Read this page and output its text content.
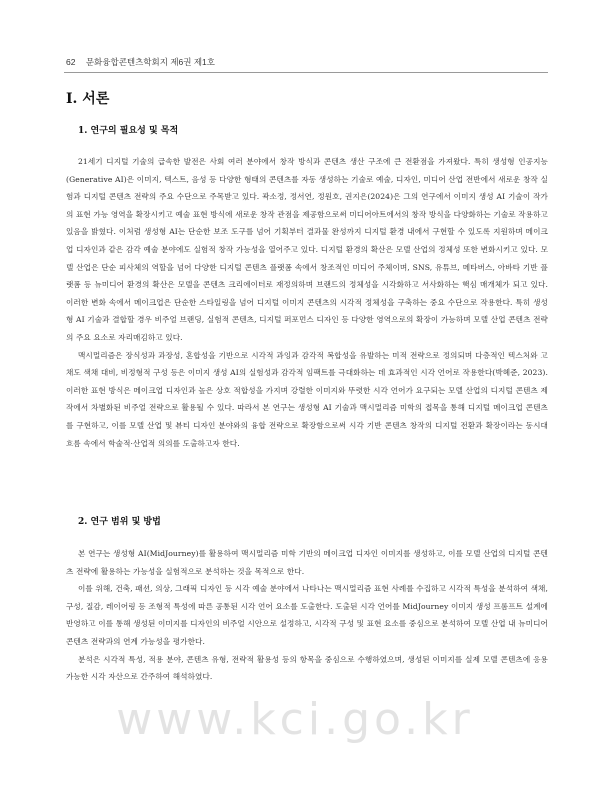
62 문화융합콘텐츠학회지 제6권 제1호
Ⅰ. 서론
1. 연구의 필요성 및 목적

21세기 디지털 기술의 급속한 발전은 사회 여러 분야에서 창작 방식과 콘텐츠 생산 구조에 큰 전환점을 가져왔다. 특히 생성형 인공지능(Generative AI)은 이미지, 텍스트, 음성 등 다양한 형태의 콘텐츠를 자동 생성하는 기술로 예술, 디자인, 미디어 산업 전반에서 새로운 창작 실험과 디지털 콘텐츠 전략의 주요 수단으로 주목받고 있다. 곽소정, 정서연, 정원호, 권지은(2024)은 그의 연구에서 이미지 생성 AI 기술이 작가의 표현 가능 영역을 확장시키고 예술 표현 방식에 새로운 창작 관점을 제공함으로써 미디어아트에서의 창작 방식을 다양화하는 기술로 작용하고 있음을 밝혔다. 이처럼 생성형 AI는 단순한 보조 도구를 넘어 기획부터 결과물 완성까지 디지털 환경 내에서 구현할 수 있도록 지원하며 메이크업 디자인과 같은 감각 예술 분야에도 실험적 창작 가능성을 열어주고 있다. 디지털 환경의 확산은 모델 산업의 정체성 또한 변화시키고 있다. 모델 산업은 단순 피사체의 역할을 넘어 다양한 디지털 콘텐츠 플랫폼 속에서 창조적인 미디어 주체이며, SNS, 유튜브, 메타버스, 아바타 기반 플랫폼 등 뉴미디어 환경의 확산은 모델을 콘텐츠 크리에이터로 재정의하며 브랜드의 정체성을 시각화하고 서사화하는 핵심 매개체가 되고 있다. 이러한 변화 속에서 메이크업은 단순한 스타일링을 넘어 디지털 이미지 콘텐츠의 시각적 정체성을 구축하는 중요 수단으로 작용한다. 특히 생성형 AI 기술과 결합할 경우 비주얼 브랜딩, 실험적 콘텐츠, 디지털 퍼포먼스 디자인 등 다양한 영역으로의 확장이 가능하며 모델 산업 콘텐츠 전략의 주요 요소로 자리매김하고 있다.

맥시멀리즘은 장식성과 과장성, 혼합성을 기반으로 시각적 과잉과 감각적 복합성을 유발하는 미적 전략으로 정의되며 다층적인 텍스처와 고채도 색채 대비, 비정형적 구성 등은 이미지 생성 AI의 실험성과 감각적 임팩트를 극대화하는 데 효과적인 시각 언어로 작용한다(박혜준, 2023). 이러한 표현 방식은 메이크업 디자인과 높은 상호 적합성을 가지며 강렬한 이미지와 뚜렷한 시각 언어가 요구되는 모델 산업의 디지털 콘텐츠 제작에서 차별화된 비주얼 전략으로 활용될 수 있다. 따라서 본 연구는 생성형 AI 기술과 맥시멀리즘 미학의 접목을 통해 디지털 메이크업 콘텐츠를 구현하고, 이를 모델 산업 및 뷰티 디자인 분야와의 융합 전략으로 확장함으로써 시각 기반 콘텐츠 창작의 디지털 전환과 확장이라는 동시대 흐름 속에서 학술적·산업적 의의를 도출하고자 한다.

2. 연구 범위 및 방법

본 연구는 생성형 AI(MidJourney)를 활용하여 맥시멀리즘 미학 기반의 메이크업 디자인 이미지를 생성하고, 이를 모델 산업의 디지털 콘텐츠 전략에 활용하는 가능성을 실험적으로 분석하는 것을 목적으로 한다.

이를 위해, 건축, 패션, 의상, 그래픽 디자인 등 시각 예술 분야에서 나타나는 맥시멀리즘 표현 사례를 수집하고 시각적 특성을 분석하여 색채, 구성, 질감, 레이어링 등 조형적 특성에 따른 공통된 시각 언어 요소를 도출한다. 도출된 시각 언어를 MidJourney 이미지 생성 프롬프트 설계에 반영하고 이를 통해 생성된 이미지를 디자인의 비주얼 시안으로 설정하고, 시각적 구성 및 표현 요소를 중심으로 분석하여 모델 산업 내 뉴미디어 콘텐츠 전략과의 연계 가능성을 평가한다.

분석은 시각적 특성, 적용 분야, 콘텐츠 유형, 전략적 활용성 등의 항목을 중심으로 수행하였으며, 생성된 이미지를 실제 모델 콘텐츠에 응용 가능한 시각 자산으로 간주하여 해석하였다.

www.kci.go.kr
